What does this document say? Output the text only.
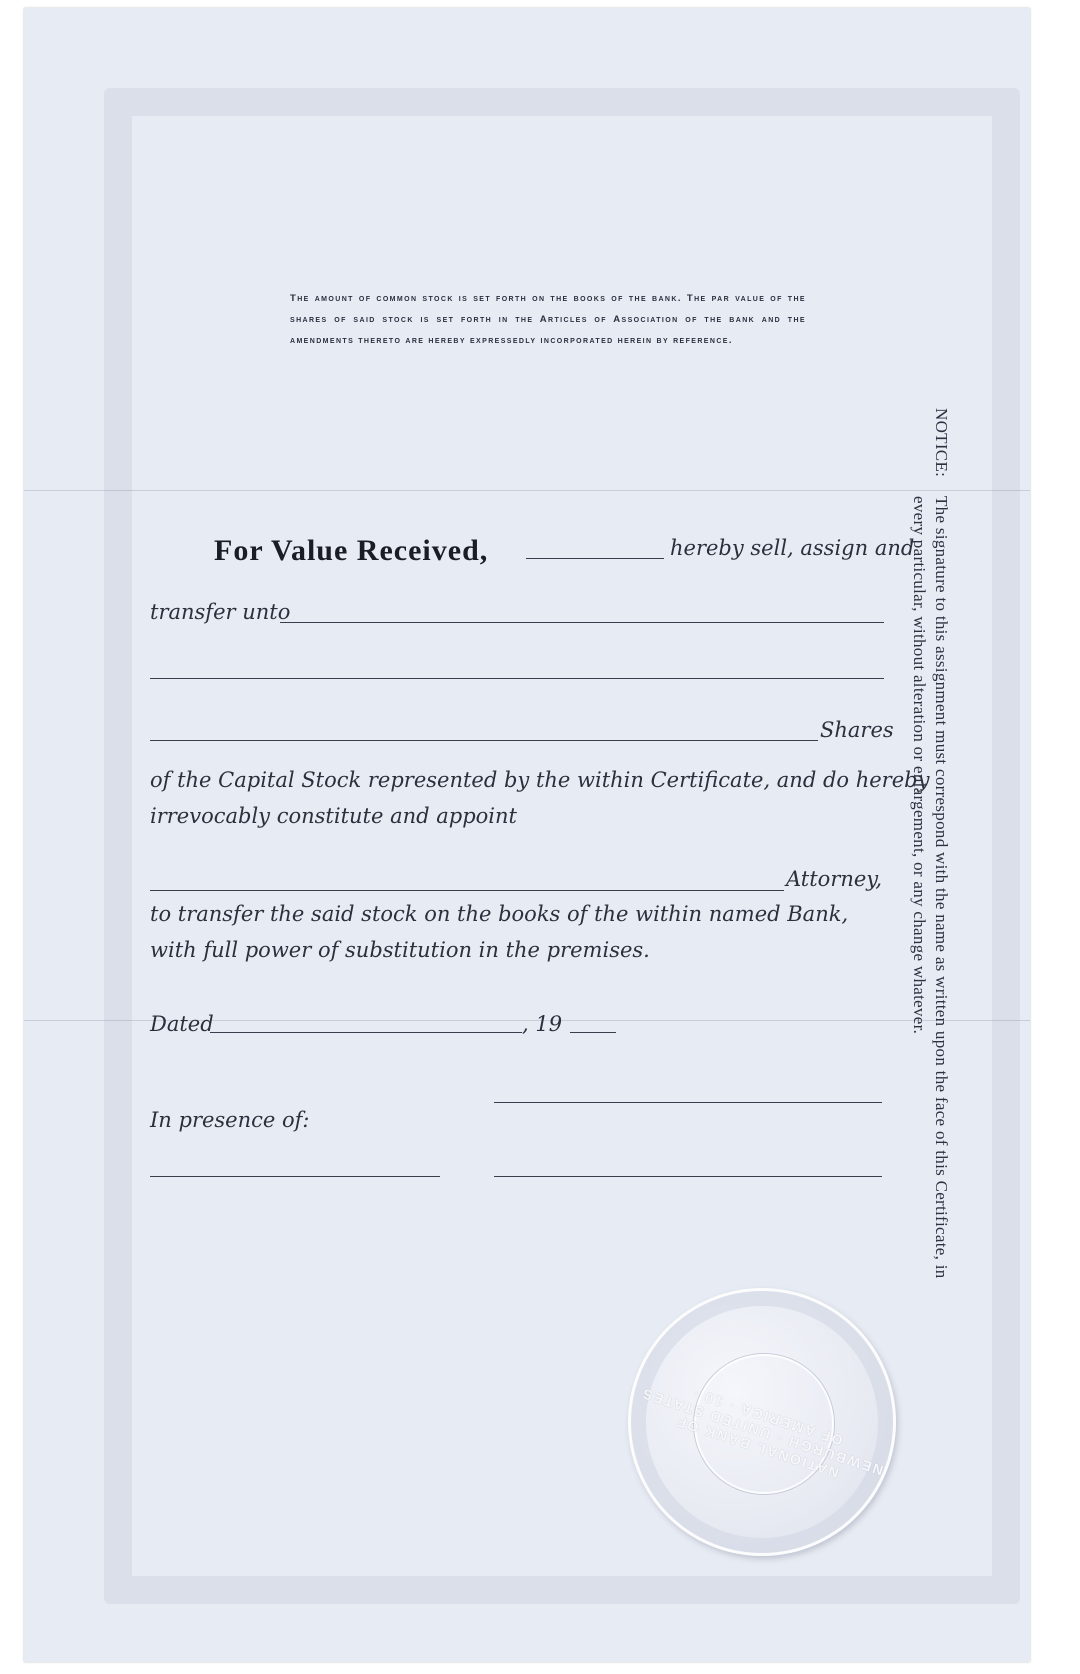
The amount of common stock is set forth on the books of the bank. The par value of the shares of said stock is set forth in the Articles of Association of the bank and the amendments thereto are hereby expressedly incorporated herein by reference.
For Value Received,	hereby sell, assign and
transfer unto
Shares
of the Capital Stock represented by the within Certificate, and do hereby
irrevocably constitute and appoint
Attorney,
to transfer the said stock on the books of the within named Bank,
with full power of substitution in the premises.
Dated	, 19
In presence of:
NOTICE:
The signature to this assignment must correspond with the name as written upon the face of this Certificate, in every particular, without alteration or enlargement, or any change whatever.
NATIONAL BANK OF NEWBURGH · UNITED STATES OF AMERICA · 10 ·
